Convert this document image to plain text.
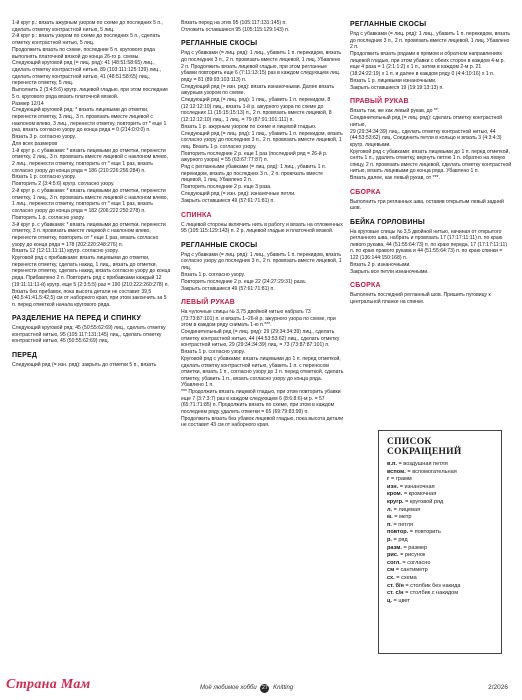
1-й круг р.: вязать ажурным узором по схеме до последних 5 п., сделать отметку контрастной нитью, 5 лиц.
2-й круг р.: вязать узором по схеме до последних 5 п., сделать отметку контрастной нитью, 5 лиц.
Продолжить вязать по схеме, последние 5 п. кругового ряда выполнять платочной вязкой до конца 26-го р. схемы.
Следующий круговой ряд (= лиц. ряд): 41 (48:51:58:65) лиц., сделать отметку контрастной нитью, 89 (103:111:125:139) лиц., сделать отметку контрастной нитью, 41 (48:51:58:65) лиц., перенести отметку, 5 лиц.
Выполнить 2 (3:4:5:6) кругр. лицевой гладью, при этом последние 5 п. кругового ряда вязать платочной вязкой.
Размер 12/14
Следующий круговой ряд: * вязать лицевыми до отметки, перенести отметку, 3 лиц., 3 п. провязать вместе лицевой с наклоном влево, 3 лиц., перенести отметку, повторить от * еще 1 раз, вязать согласно узору до конца ряда = 0 (214:0:0:0) п.
Вязать 3 р. согласно узору.
Для всех размеров
1-й круг р. с убавками: * вязать лицевыми до отметки, перенести отметку, 2 лиц., 3 п. провязать вместе лицевой с наклоном влево, 2 лиц., перенести отметку, повторить от * еще 1 раз, вязать согласно узору до конца ряда = 186 (210:226:256:284) п.
Вязать 1 р. согласно узору.
Повторить 2 (3:4:5:6) кругр. согласно узору.
2-й круг р. с убавками: * вязать лицевыми до отметки, перенести отметку, 1 лиц., 3 п. провязать вместе лицевой с наклоном влево, 1 лиц., перенести отметку, повторить от * еще 1 раз, вязать согласно узору до конца ряда = 182 (206:222:250:278) п.
Повторить 1 р. согласно узору.
3-й круг р. с убавками: * вязать лицевыми до отметки, перенести отметку, 3 п. провязать вместе лицевой с наклоном влево, перенести отметку, повторить от * еще 1 раз, вязать согласно узору до конца ряда = 178 (202:220:248:276) п.
Вязать 12 (12:11:11:11) кругр. согласно узору.
Круговой ряд с прибавками: вязать лицевыми до отметки, перенести отметку, сделать накид, 1 лиц., вязать до отметки, перенести отметку, сделать накид, вязать согласно узору до конца ряда. Прибавлено 2 п. Повторить ряд с прибавками каждый 12 (19:11:11:11-й) кругр. еще 5 (2:3:5:5) раз = 190 (210:222:260:278) п.
Вязать без прибавок, пока высота детали не составит 39,5 (40,5:41:41,5:42,5) см от наборного края, при этом закончить за 5 п. перед отметкой начала кругового ряда.
РАЗДЕЛЕНИЕ НА ПЕРЕД И СПИНКУ
Следующий круговой ряд: 45 (50:55:62:69) лиц., сделать отметку контрастной нитью, 95 (105:117:131:145) лиц., сделать отметку контрастной нитью, 45 (50:55:62:69) лиц.
ПЕРЕД
Следующий ряд (= изн. ряд): закрыть до отметки 5 п., вязать
Вязать перед на этих 95 (105:117:131:145) п.
Отложить оставшиеся 95 (105:115:129:143) п.
РЕГЛАННЫЕ СКОСЫ
Ряд с убавками (= лиц. ряд): 1 лиц., убавить 1 п. перекидом, вязать до последних 3 п., 2 п. провязать вместе лицевой, 1 лиц. Убавлено 2 п. Продолжить вязать лицевой гладью, при этом регланные убавки повторить еще 6 (7:11:13:15) раз в каждом следующем лиц. ряду = 81 (89:93:103:113) п.
Следующий ряд (= изн. ряд): вязать изнаночными. Далее вязать ажурным узором по схеме.
Следующий ряд (= лиц. ряд): 1 лиц., убавить 1 п. перекидом, 8 (12:12:12:10) лиц., вязать 1-й р. ажурного узора по схеме до последних 11 (15:15:15:13) п., 2 п. провязать вместе лицевой, 8 (12:12:12:10) лиц., 1 лиц. = 79 (87:91:101:111) п.
Вязать 1 р. ажурным узором по схеме и лицевой гладью.
Следующий ряд (= лиц. ряд): 1 лиц., убавить 1 п. перекидом, вязать согласно узору до последних 3 п., 2 п. провязать вместе лицевой, 1 лиц. Вязать 1 р. согласно узору.
Повторить последние 2 р. еще 1 раз (последний ряд = 26-й р. ажурного узора) = 55 (63:67:77:87) п.
Ряд с регланными убавками (= лиц. ряд): 1 лиц., убавить 1 п. перекидом, вязать до последних 3 п., 2 п. провязать вместе лицевой, 1 лиц. Убавлено 2 п.
Повторить последние 2 р. еще 3 раза.
Следующий ряд (= изн. ряд): изнаночные петли.
Закрыть оставшиеся 49 (57:61:71:81) п.
СПИНКА
С лицевой стороны включить нить в работу и вязать на отложенных 95 (105:115:129:143) п. 2 р. лицевой гладью и платочной вязкой.
РЕГЛАННЫЕ СКОСЫ
Ряд с убавками (= лиц. ряд): 1 лиц., убавить 1 п. перекидом, вязать согласно узору до последних 3 п., 2 п. провязать вместе лицевой, 1 лиц.
Вязать 1 р. согласно узору.
Повторить последние 2 р. еще 22 (24:27:29:31) раза.
Закрыть оставшиеся 49 (57:61:71:81) п.
ЛЕВЫЙ РУКАВ
На чулочные спицы № 3,75 двойной нитью набрать 73 (73:73:87:101) п. и вязать 1–26-й р. ажурного узора по схеме, при этом в каждом ряду снимать 1-ю п.***.
Соединительный ряд (= лиц. ряд): 29 (29:34:34:39) лиц., сделать отметку контрастной нитью, 44 (44:53:53:62) лиц., сделать отметку контрастной нитью, 29 (29:34:34:39) лиц. = 73 (73:87:87:101) п.
Вязать 1 р. согласно узору.
Круговой ряд с убавками: вязать лицевыми до 1 п. перед отметкой, сделать отметку контрастной нитью, убавить 1 п. с переносом отметки, вязать 1 п., согласно узору до 1 п. перед отметкой, сделать отметку, убавить 1 п., вязать согласно узору до конца ряда. Убавлено 1 п.
*** Продолжить вязать лицевой гладью, при этом повторить убавки еще 7 (3:7:3:7) раз в каждом следующем 6 (8:6:8:6)-м р. = 57 (65:71:71:85) п. Продолжить вязать по схеме, при этом в каждом последнем ряду удалить отметки = 65 (69:79:83:99) п.
Продолжить вязать без убавок лицевой гладью, пока высота детали не составит 43 см от наборного края.
РЕГЛАННЫЕ СКОСЫ
Ряд с убавками (= лиц. ряд): 1 лиц., убавить 1 п. перекидом, вязать до последних 3 п., 2 п. провязать вместе лицевой, 1 лиц. Убавлено 2 п.
Продолжить вязать рядами в прямом и обратном направлениях лицевой гладью, при этом убавки с обеих сторон в каждом 4-м р. еще 4 раза = 1 (2:1:1:2) х 1 п., затем в каждом 2-м р. 21 (18:24:22:19) х 1 п. и далее в каждом ряду 0 (4:4:10:16) х 1 п.
Вязать 1 р. лицевыми изнаночными.
Закрыть оставшиеся 19 (19:19:13:13) п.
ПРАВЫЙ РУКАВ
Вязать так, же как левый рукав, до **.
Соединительный ряд (= лиц. ряд): сделать отметку контрастной нитью,
29 (29:34:34:39) лиц., сделать отметку контрастной нитью, 44 (44:53:53:62) лиц. Соединить петли в кольцо и вязать 3 (4:3:4:3) кругр. лицевыми.
Круговой ряд с убавками: вязать лицевыми до 1 п. перед отметкой, снять 1 п., удалить отметку, вернуть петлю 1 п. обратно на левую спицу, 2 п. провязать вместе лицевой, сделать отметку контрастной нитью, вязать лицевыми до конца ряда. Убавлено 1 п.
Вязать далее, как левый рукав, от ***.
СБОРКА
Выполнить три регланных шва, оставив открытым левый задний шов.
БЕЙКА ГОРЛОВИНЫ
На круговые спицы № 3,5 двойной нитью, начиная от открытого регланного шва, набрать и провязать 17 (17:17:11:11) п. по краю левого рукава, 44 (51:55:64:73) п. по краю переда, 17 (17:17:11:11) п. по краю правого рукава и 44 (51:55:64:73) п. по краю спинки = 122 (136:144:150:168) п.
Вязать 2 р. изнаночными.
Закрыть все петли изнаночными.
СБОРКА
Выполнить последний регланный шов. Пришить пуговицу к центральной планке на спинке.
СПИСОК СОКРАЩЕНИЙ
в.п. = воздушная петля
вспом. = вспомогательная
г = грамм
изн. = изнаночная
кром. = кромочная
кругр. = круговой ряд
л. = лицевая
м. = метр
п. = петля
повтор. = повторить
р. = ряд
разм. = размер
рис. = рисунок
согл. = согласно
см = сантиметр
сх. = схема
ст. б/н = столбик без накида
ст. с/н = столбик с накидом
ц. = цвет
Страна Мам	Моё любимое хобби 27 Knitting	2/2026
